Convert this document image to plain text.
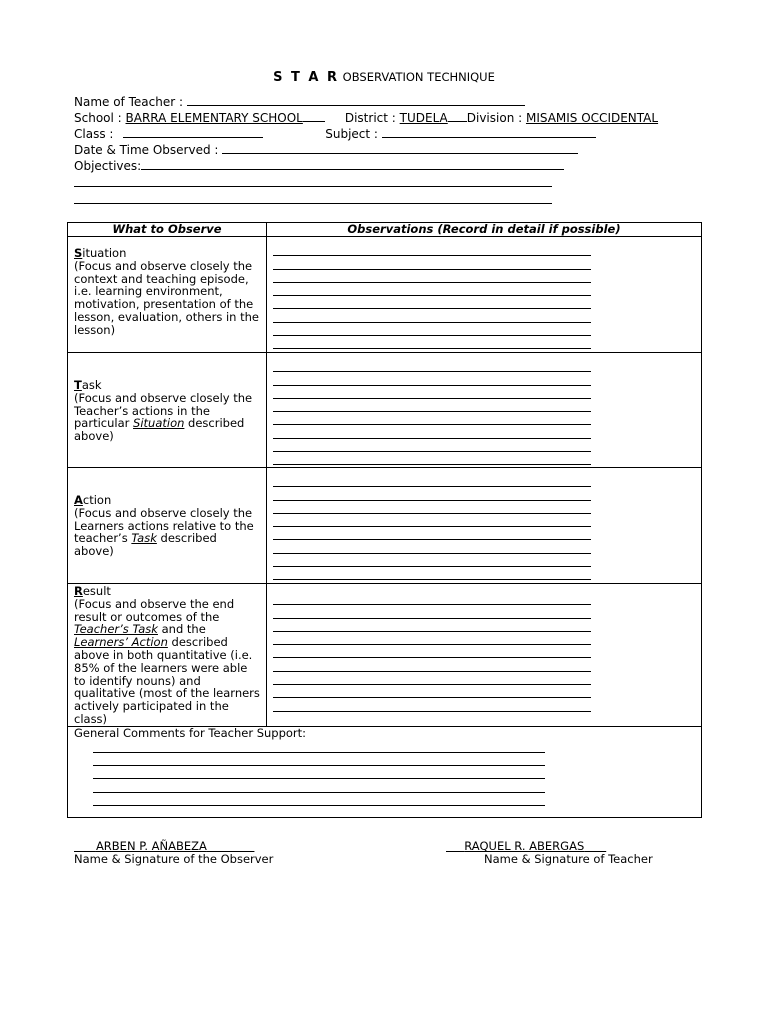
S T A R OBSERVATION TECHNIQUE
Name of Teacher :
School : BARRA ELEMENTARY SCHOOL	District : TUDELA Division : MISAMIS OCCIDENTAL
Class :	Subject :
Date & Time Observed :
Objectives:
What to Observe	Observations (Record in detail if possible)

Situation
(Focus and observe closely the context and teaching episode, i.e. learning environment, motivation, presentation of the lesson, evaluation, others in the lesson)	

Task
(Focus and observe closely the Teacher’s actions in the particular Situation described above)	

Action
(Focus and observe closely the Learners actions relative to the teacher’s Task described above)	

Result
(Focus and observe the end result or outcomes of the Teacher’s Task and the Learners’ Action described above in both quantitative (i.e. 85% of the learners were able to identify nouns) and qualitative (most of the learners actively participated in the class)	

General Comments for Teacher Support:	
ARBEN P. AÑABEZA
Name & Signature of the Observer
RAQUEL R. ABERGAS
Name & Signature of Teacher
